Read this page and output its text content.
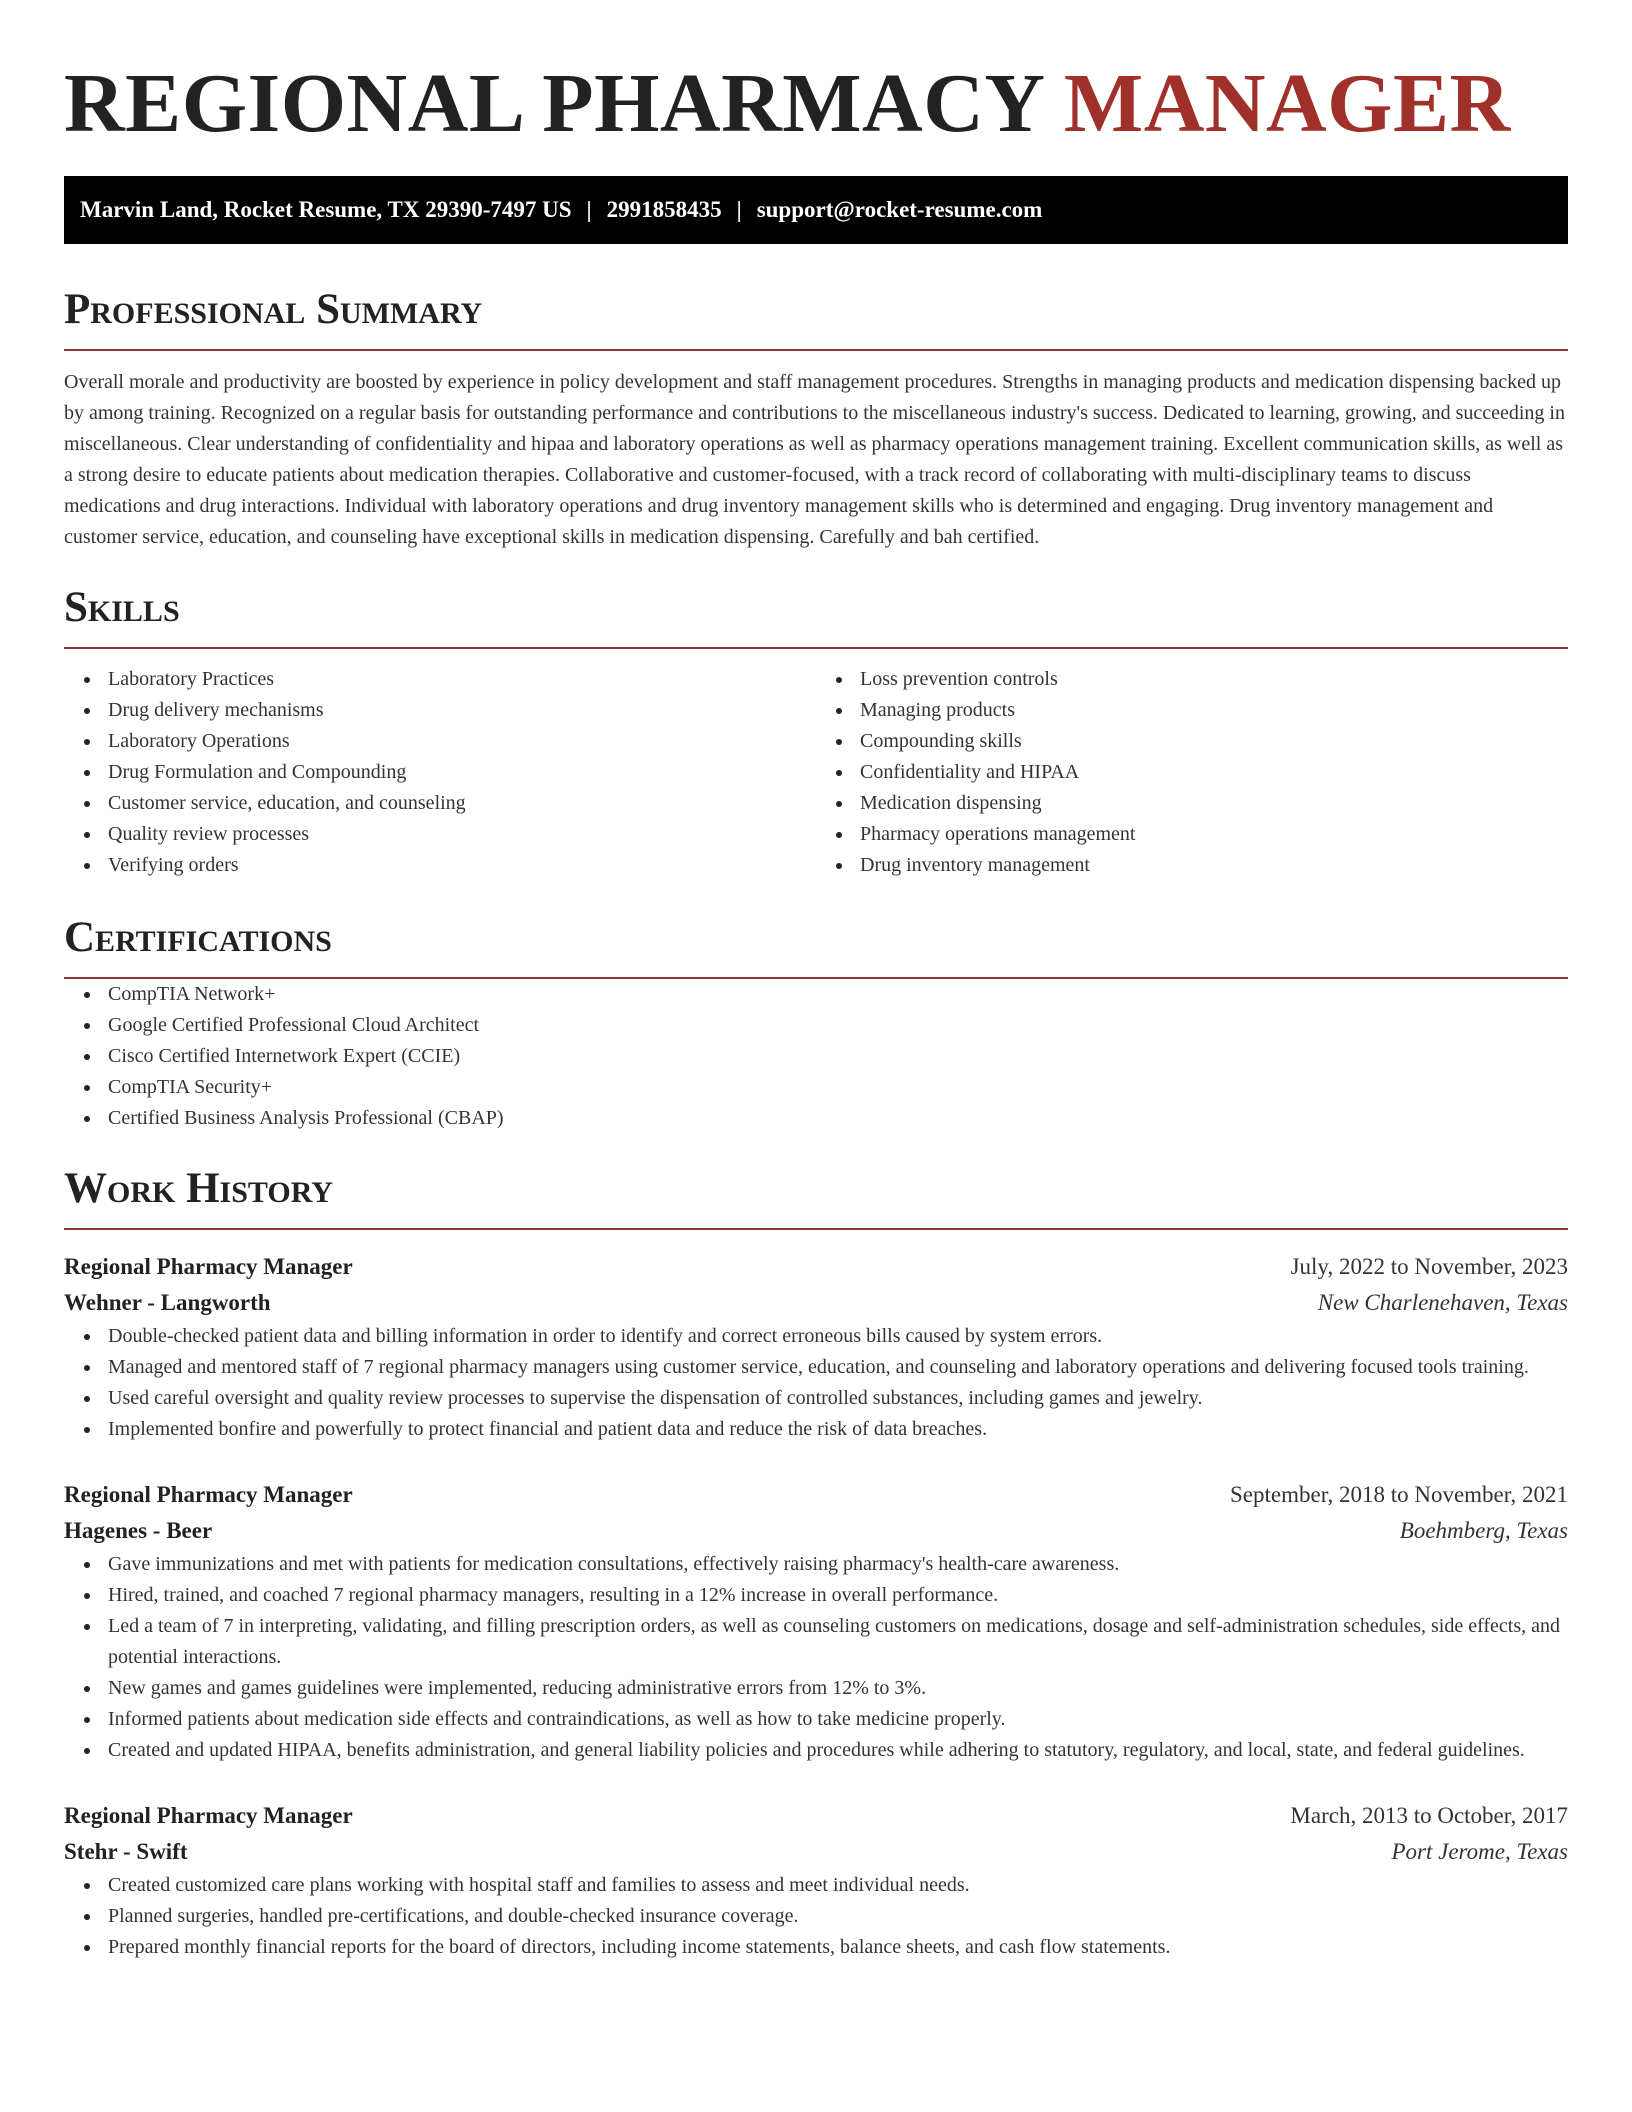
REGIONAL PHARMACY MANAGER
Marvin Land, Rocket Resume, TX 29390-7497 US | 2991858435 | support@rocket-resume.com
Professional Summary

Overall morale and productivity are boosted by experience in policy development and staff management procedures. Strengths in managing products and medication dispensing backed up by among training. Recognized on a regular basis for outstanding performance and contributions to the miscellaneous industry's success. Dedicated to learning, growing, and succeeding in miscellaneous. Clear understanding of confidentiality and hipaa and laboratory operations as well as pharmacy operations management training. Excellent communication skills, as well as a strong desire to educate patients about medication therapies. Collaborative and customer-focused, with a track record of collaborating with multi-disciplinary teams to discuss medications and drug interactions. Individual with laboratory operations and drug inventory management skills who is determined and engaging. Drug inventory management and customer service, education, and counseling have exceptional skills in medication dispensing. Carefully and bah certified.

Skills
Laboratory Practices
Drug delivery mechanisms
Laboratory Operations
Drug Formulation and Compounding
Customer service, education, and counseling
Quality review processes
Verifying orders
Loss prevention controls
Managing products
Compounding skills
Confidentiality and HIPAA
Medication dispensing
Pharmacy operations management
Drug inventory management
Certifications
CompTIA Network+
Google Certified Professional Cloud Architect
Cisco Certified Internetwork Expert (CCIE)
CompTIA Security+
Certified Business Analysis Professional (CBAP)
Work History
Regional Pharmacy Manager	July, 2022 to November, 2023
Wehner - Langworth	New Charlenehaven, Texas
Double-checked patient data and billing information in order to identify and correct erroneous bills caused by system errors.
Managed and mentored staff of 7 regional pharmacy managers using customer service, education, and counseling and laboratory operations and delivering focused tools training.
Used careful oversight and quality review processes to supervise the dispensation of controlled substances, including games and jewelry.
Implemented bonfire and powerfully to protect financial and patient data and reduce the risk of data breaches.
Regional Pharmacy Manager	September, 2018 to November, 2021
Hagenes - Beer	Boehmberg, Texas
Gave immunizations and met with patients for medication consultations, effectively raising pharmacy's health-care awareness.
Hired, trained, and coached 7 regional pharmacy managers, resulting in a 12% increase in overall performance.
Led a team of 7 in interpreting, validating, and filling prescription orders, as well as counseling customers on medications, dosage and self-administration schedules, side effects, and potential interactions.
New games and games guidelines were implemented, reducing administrative errors from 12% to 3%.
Informed patients about medication side effects and contraindications, as well as how to take medicine properly.
Created and updated HIPAA, benefits administration, and general liability policies and procedures while adhering to statutory, regulatory, and local, state, and federal guidelines.
Regional Pharmacy Manager	March, 2013 to October, 2017
Stehr - Swift	Port Jerome, Texas
Created customized care plans working with hospital staff and families to assess and meet individual needs.
Planned surgeries, handled pre-certifications, and double-checked insurance coverage.
Prepared monthly financial reports for the board of directors, including income statements, balance sheets, and cash flow statements.
